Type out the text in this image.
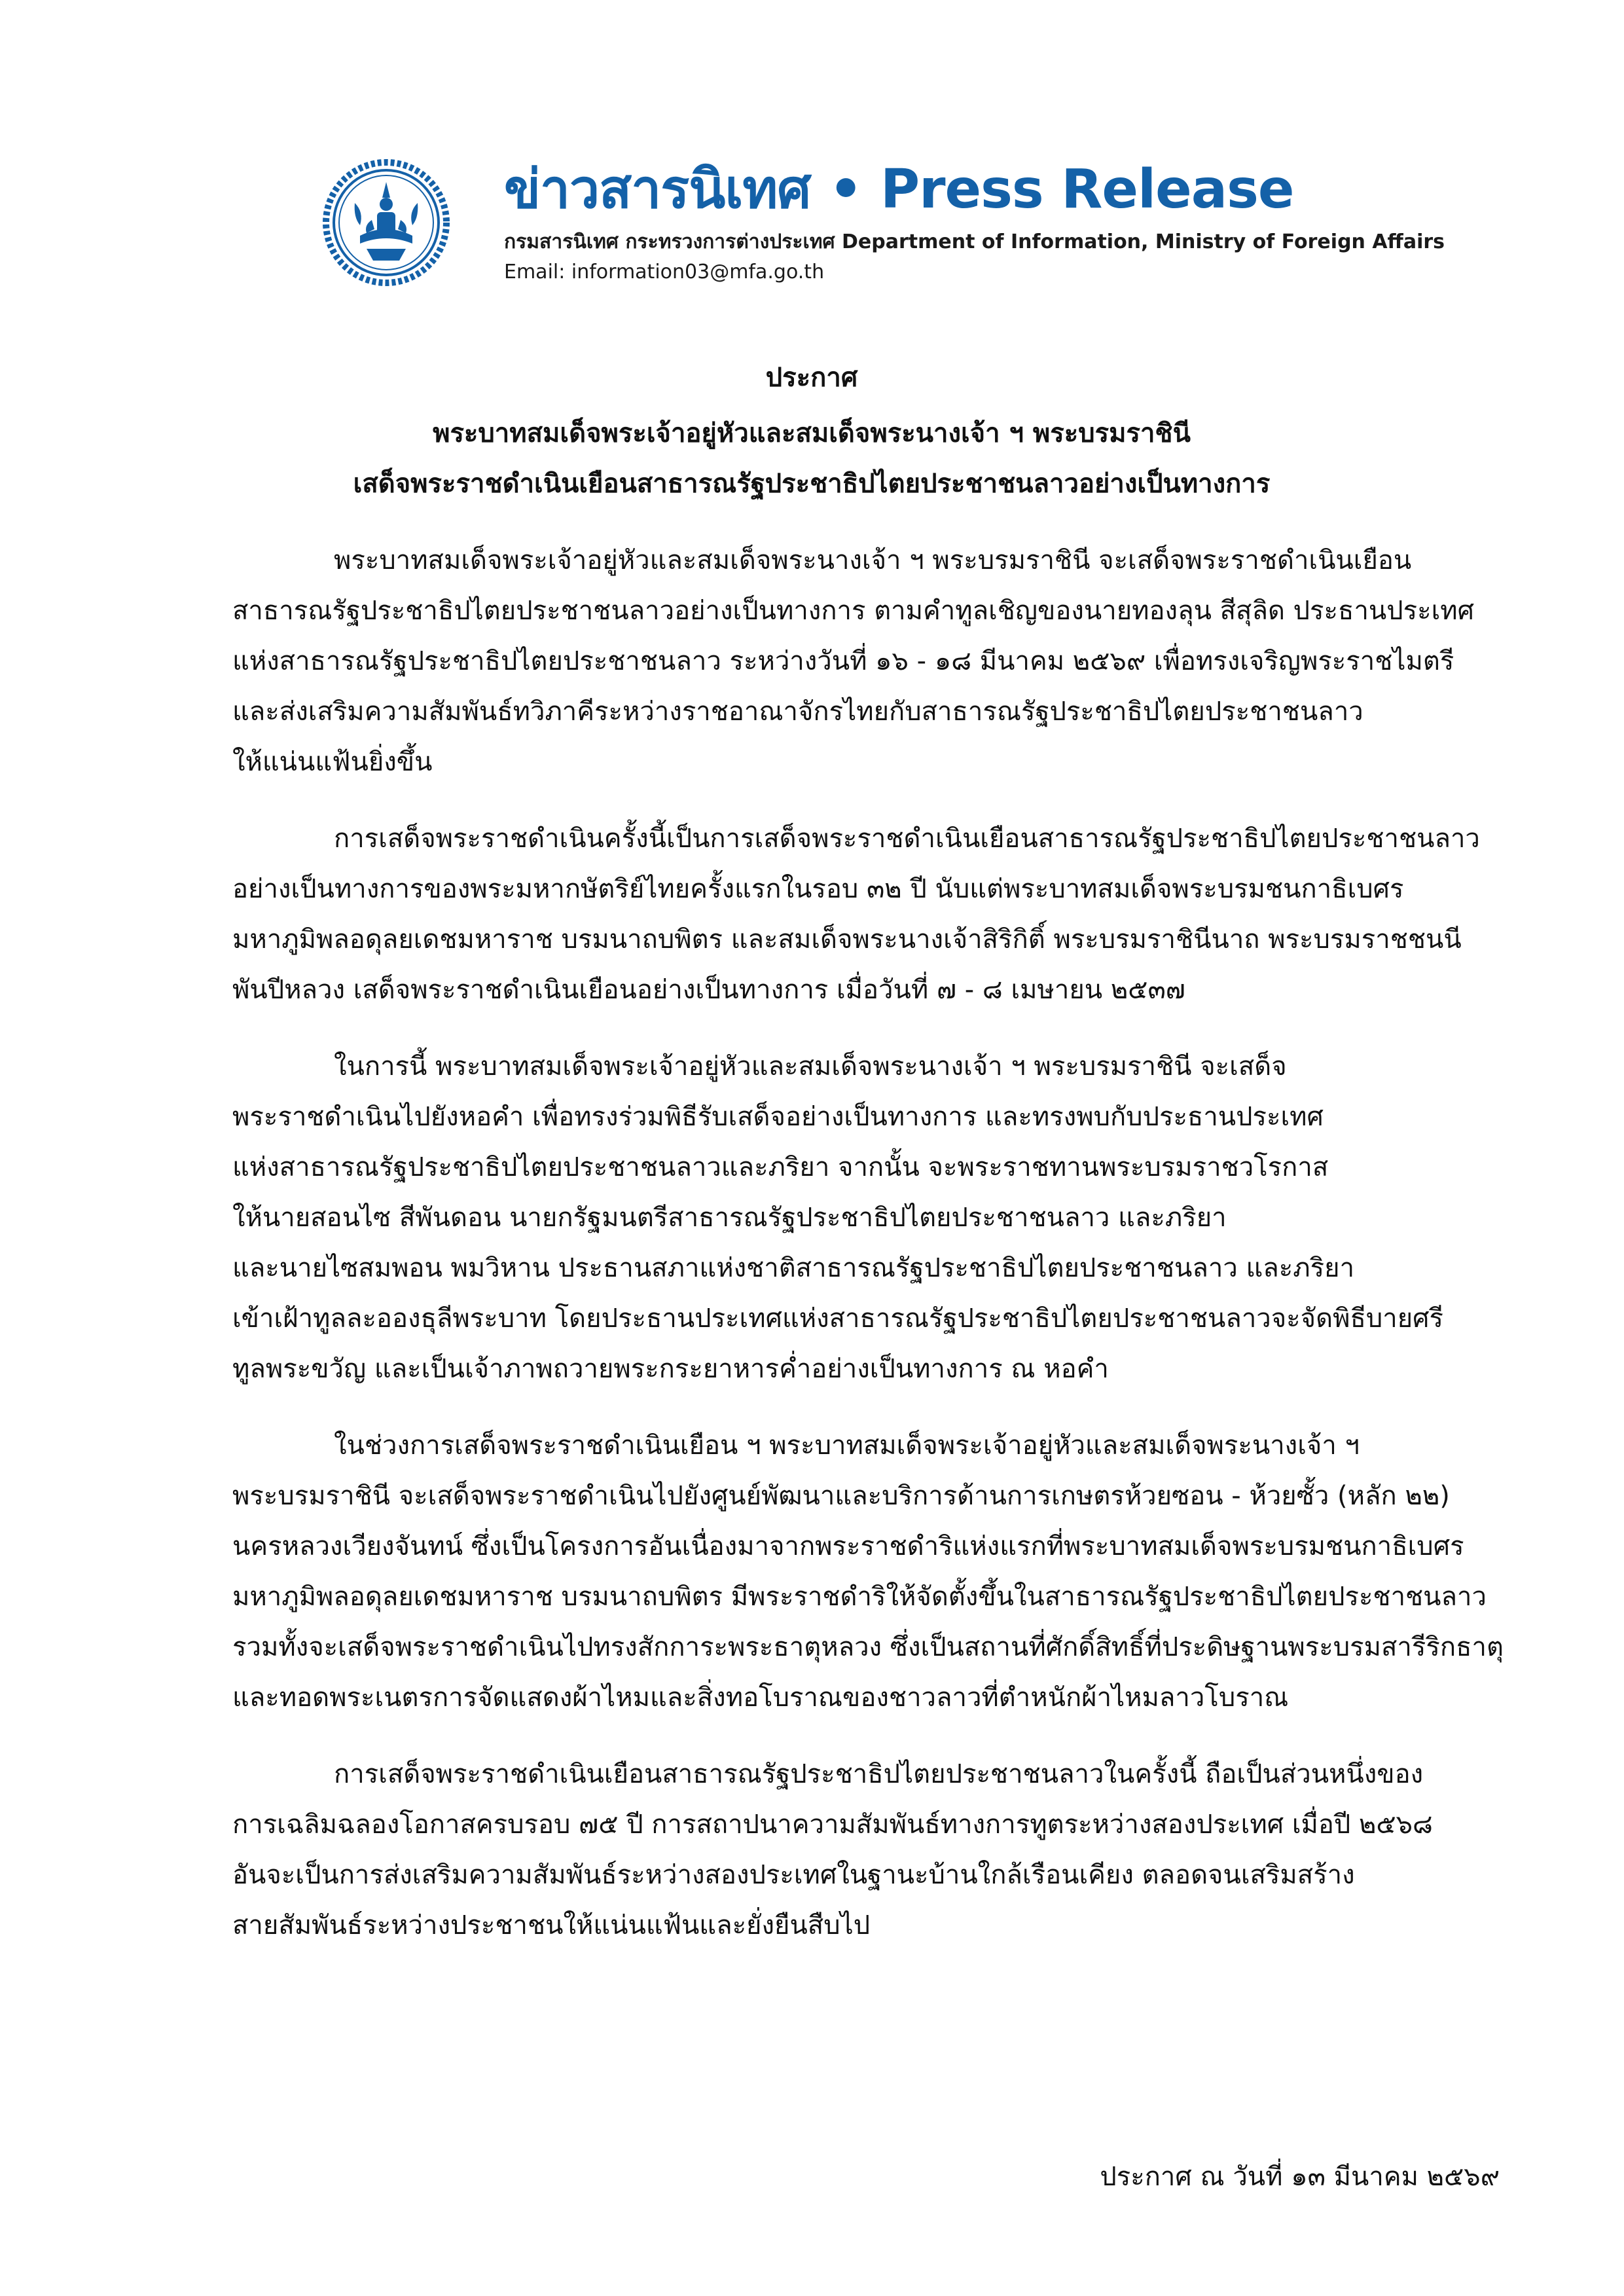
ข่าวสารนิเทศ • Press Release
กรมสารนิเทศ กระทรวงการต่างประเทศ Department of Information, Ministry of Foreign Affairs
Email: information03@mfa.go.th
ประกาศ
พระบาทสมเด็จพระเจ้าอยู่หัวและสมเด็จพระนางเจ้า ฯ พระบรมราชินี
เสด็จพระราชดำเนินเยือนสาธารณรัฐประชาธิปไตยประชาชนลาวอย่างเป็นทางการ

พระบาทสมเด็จพระเจ้าอยู่หัวและสมเด็จพระนางเจ้า ฯ พระบรมราชินี จะเสด็จพระราชดำเนินเยือน
สาธารณรัฐประชาธิปไตยประชาชนลาวอย่างเป็นทางการ ตามคำทูลเชิญของนายทองลุน สีสุลิด ประธานประเทศ
แห่งสาธารณรัฐประชาธิปไตยประชาชนลาว ระหว่างวันที่ ๑๖ - ๑๘ มีนาคม ๒๕๖๙ เพื่อทรงเจริญพระราชไมตรี
และส่งเสริมความสัมพันธ์ทวิภาคีระหว่างราชอาณาจักรไทยกับสาธารณรัฐประชาธิปไตยประชาชนลาว
ให้แน่นแฟ้นยิ่งขึ้น

การเสด็จพระราชดำเนินครั้งนี้เป็นการเสด็จพระราชดำเนินเยือนสาธารณรัฐประชาธิปไตยประชาชนลาว
อย่างเป็นทางการของพระมหากษัตริย์ไทยครั้งแรกในรอบ ๓๒ ปี นับแต่พระบาทสมเด็จพระบรมชนกาธิเบศร
มหาภูมิพลอดุลยเดชมหาราช บรมนาถบพิตร และสมเด็จพระนางเจ้าสิริกิติ์ พระบรมราชินีนาถ พระบรมราชชนนี
พันปีหลวง เสด็จพระราชดำเนินเยือนอย่างเป็นทางการ เมื่อวันที่ ๗ - ๘ เมษายน ๒๕๓๗

ในการนี้ พระบาทสมเด็จพระเจ้าอยู่หัวและสมเด็จพระนางเจ้า ฯ พระบรมราชินี จะเสด็จ
พระราชดำเนินไปยังหอคำ เพื่อทรงร่วมพิธีรับเสด็จอย่างเป็นทางการ และทรงพบกับประธานประเทศ
แห่งสาธารณรัฐประชาธิปไตยประชาชนลาวและภริยา จากนั้น จะพระราชทานพระบรมราชวโรกาส
ให้นายสอนไซ สีพันดอน นายกรัฐมนตรีสาธารณรัฐประชาธิปไตยประชาชนลาว และภริยา
และนายไซสมพอน พมวิหาน ประธานสภาแห่งชาติสาธารณรัฐประชาธิปไตยประชาชนลาว และภริยา
เข้าเฝ้าทูลละอองธุลีพระบาท โดยประธานประเทศแห่งสาธารณรัฐประชาธิปไตยประชาชนลาวจะจัดพิธีบายศรี
ทูลพระขวัญ และเป็นเจ้าภาพถวายพระกระยาหารค่ำอย่างเป็นทางการ ณ หอคำ

ในช่วงการเสด็จพระราชดำเนินเยือน ฯ พระบาทสมเด็จพระเจ้าอยู่หัวและสมเด็จพระนางเจ้า ฯ
พระบรมราชินี จะเสด็จพระราชดำเนินไปยังศูนย์พัฒนาและบริการด้านการเกษตรห้วยซอน - ห้วยซั้ว (หลัก ๒๒)
นครหลวงเวียงจันทน์ ซึ่งเป็นโครงการอันเนื่องมาจากพระราชดำริแห่งแรกที่พระบาทสมเด็จพระบรมชนกาธิเบศร
มหาภูมิพลอดุลยเดชมหาราช บรมนาถบพิตร มีพระราชดำริให้จัดตั้งขึ้นในสาธารณรัฐประชาธิปไตยประชาชนลาว
รวมทั้งจะเสด็จพระราชดำเนินไปทรงสักการะพระธาตุหลวง ซึ่งเป็นสถานที่ศักดิ์สิทธิ์ที่ประดิษฐานพระบรมสารีริกธาตุ
และทอดพระเนตรการจัดแสดงผ้าไหมและสิ่งทอโบราณของชาวลาวที่ตำหนักผ้าไหมลาวโบราณ

การเสด็จพระราชดำเนินเยือนสาธารณรัฐประชาธิปไตยประชาชนลาวในครั้งนี้ ถือเป็นส่วนหนึ่งของ
การเฉลิมฉลองโอกาสครบรอบ ๗๕ ปี การสถาปนาความสัมพันธ์ทางการทูตระหว่างสองประเทศ เมื่อปี ๒๕๖๘
อันจะเป็นการส่งเสริมความสัมพันธ์ระหว่างสองประเทศในฐานะบ้านใกล้เรือนเคียง ตลอดจนเสริมสร้าง
สายสัมพันธ์ระหว่างประชาชนให้แน่นแฟ้นและยั่งยืนสืบไป

ประกาศ ณ วันที่ ๑๓ มีนาคม ๒๕๖๙
